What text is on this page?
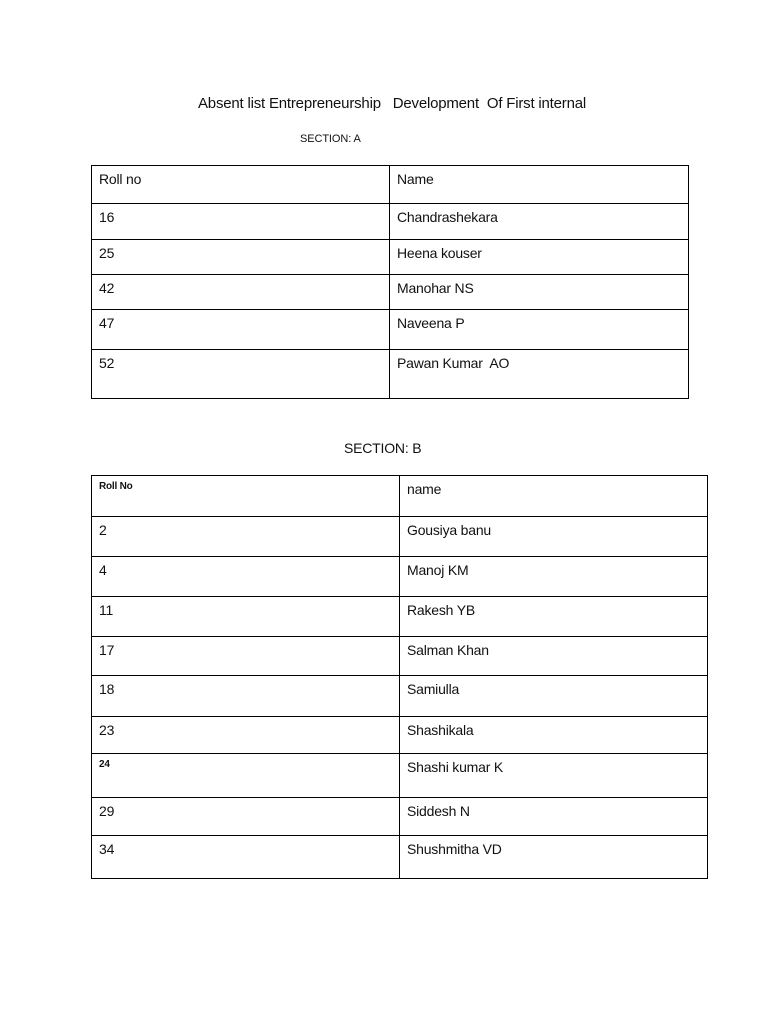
Absent list Entrepreneurship   Development  Of First internal
SECTION: A
Roll no	Name
16	Chandrashekara
25	Heena kouser
42	Manohar NS
47	Naveena P
52	Pawan Kumar  AO
SECTION: B
Roll No	name
2	Gousiya banu
4	Manoj KM
11	Rakesh YB
17	Salman Khan
18	Samiulla
23	Shashikala
24	Shashi kumar K
29	Siddesh N
34	Shushmitha VD
